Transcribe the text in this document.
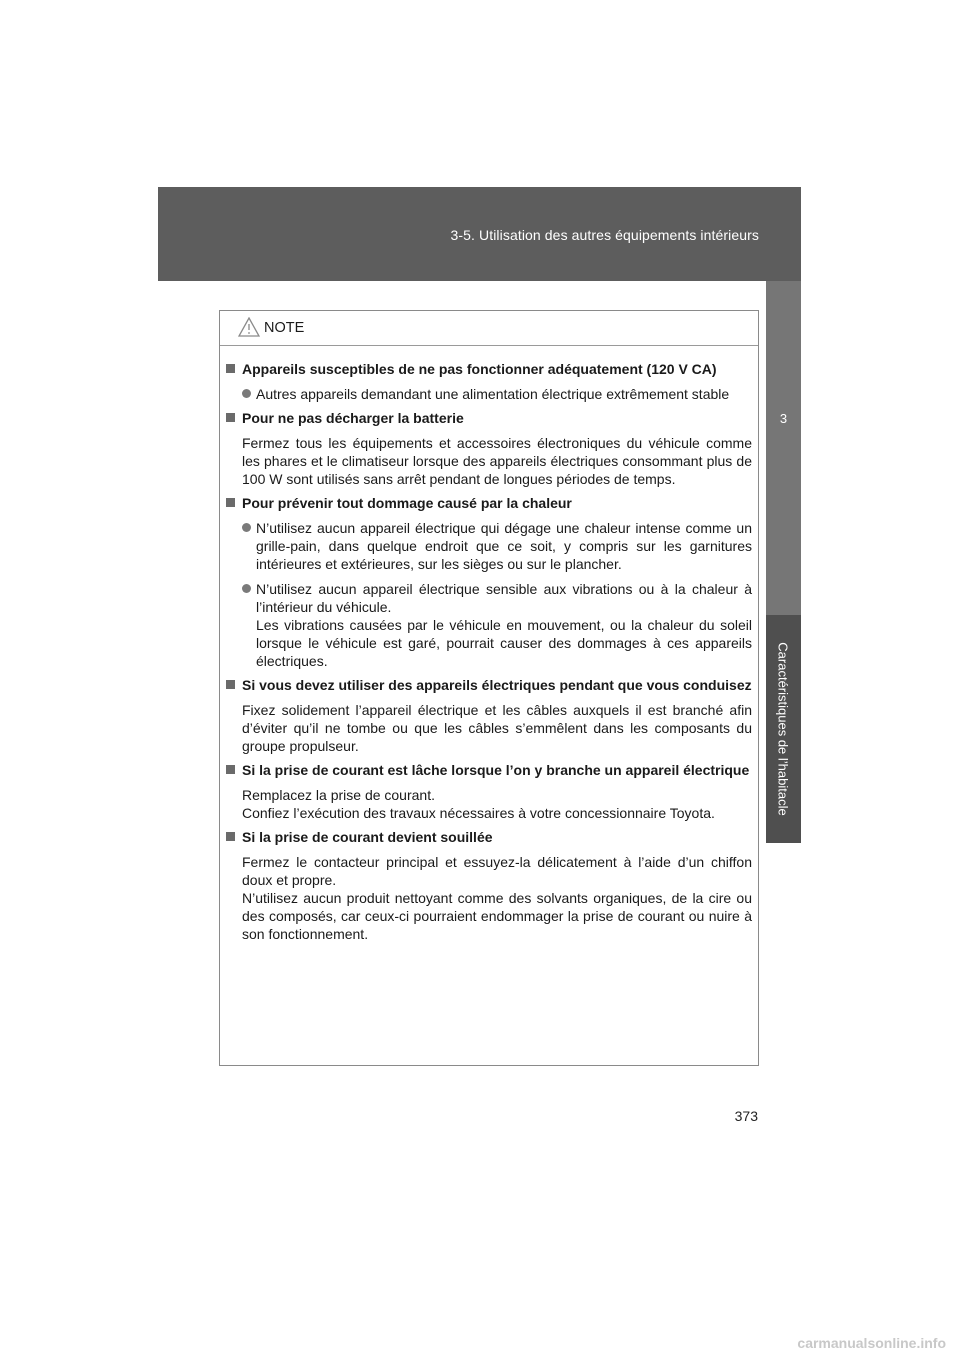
3-5. Utilisation des autres équipements intérieurs
3
Caractéristiques de l’habitacle
NOTE
Appareils susceptibles de ne pas fonctionner adéquatement (120 V CA)

Autres appareils demandant une alimentation électrique extrêmement stable

Pour ne pas décharger la batterie

Fermez tous les équipements et accessoires électroniques du véhicule comme les phares et le climatiseur lorsque des appareils électriques consommant plus de 100 W sont utilisés sans arrêt pendant de longues périodes de temps.

Pour prévenir tout dommage causé par la chaleur

N’utilisez aucun appareil électrique qui dégage une chaleur intense comme un grille-pain, dans quelque endroit que ce soit, y compris sur les garnitures intérieures et extérieures, sur les sièges ou sur le plancher.

N’utilisez aucun appareil électrique sensible aux vibrations ou à la chaleur à l’intérieur du véhicule.

Les vibrations causées par le véhicule en mouvement, ou la chaleur du soleil lorsque le véhicule est garé, pourrait causer des dommages à ces appareils électriques.

Si vous devez utiliser des appareils électriques pendant que vous conduisez

Fixez solidement l’appareil électrique et les câbles auxquels il est branché afin d’éviter qu’il ne tombe ou que les câbles s’emmêlent dans les composants du groupe propulseur.

Si la prise de courant est lâche lorsque l’on y branche un appareil électrique

Remplacez la prise de courant.

Confiez l’exécution des travaux nécessaires à votre concessionnaire Toyota.

Si la prise de courant devient souillée

Fermez le contacteur principal et essuyez-la délicatement à l’aide d’un chiffon doux et propre.

N’utilisez aucun produit nettoyant comme des solvants organiques, de la cire ou des composés, car ceux-ci pourraient endommager la prise de courant ou nuire à son fonctionnement.

373
carmanualsonline.info
